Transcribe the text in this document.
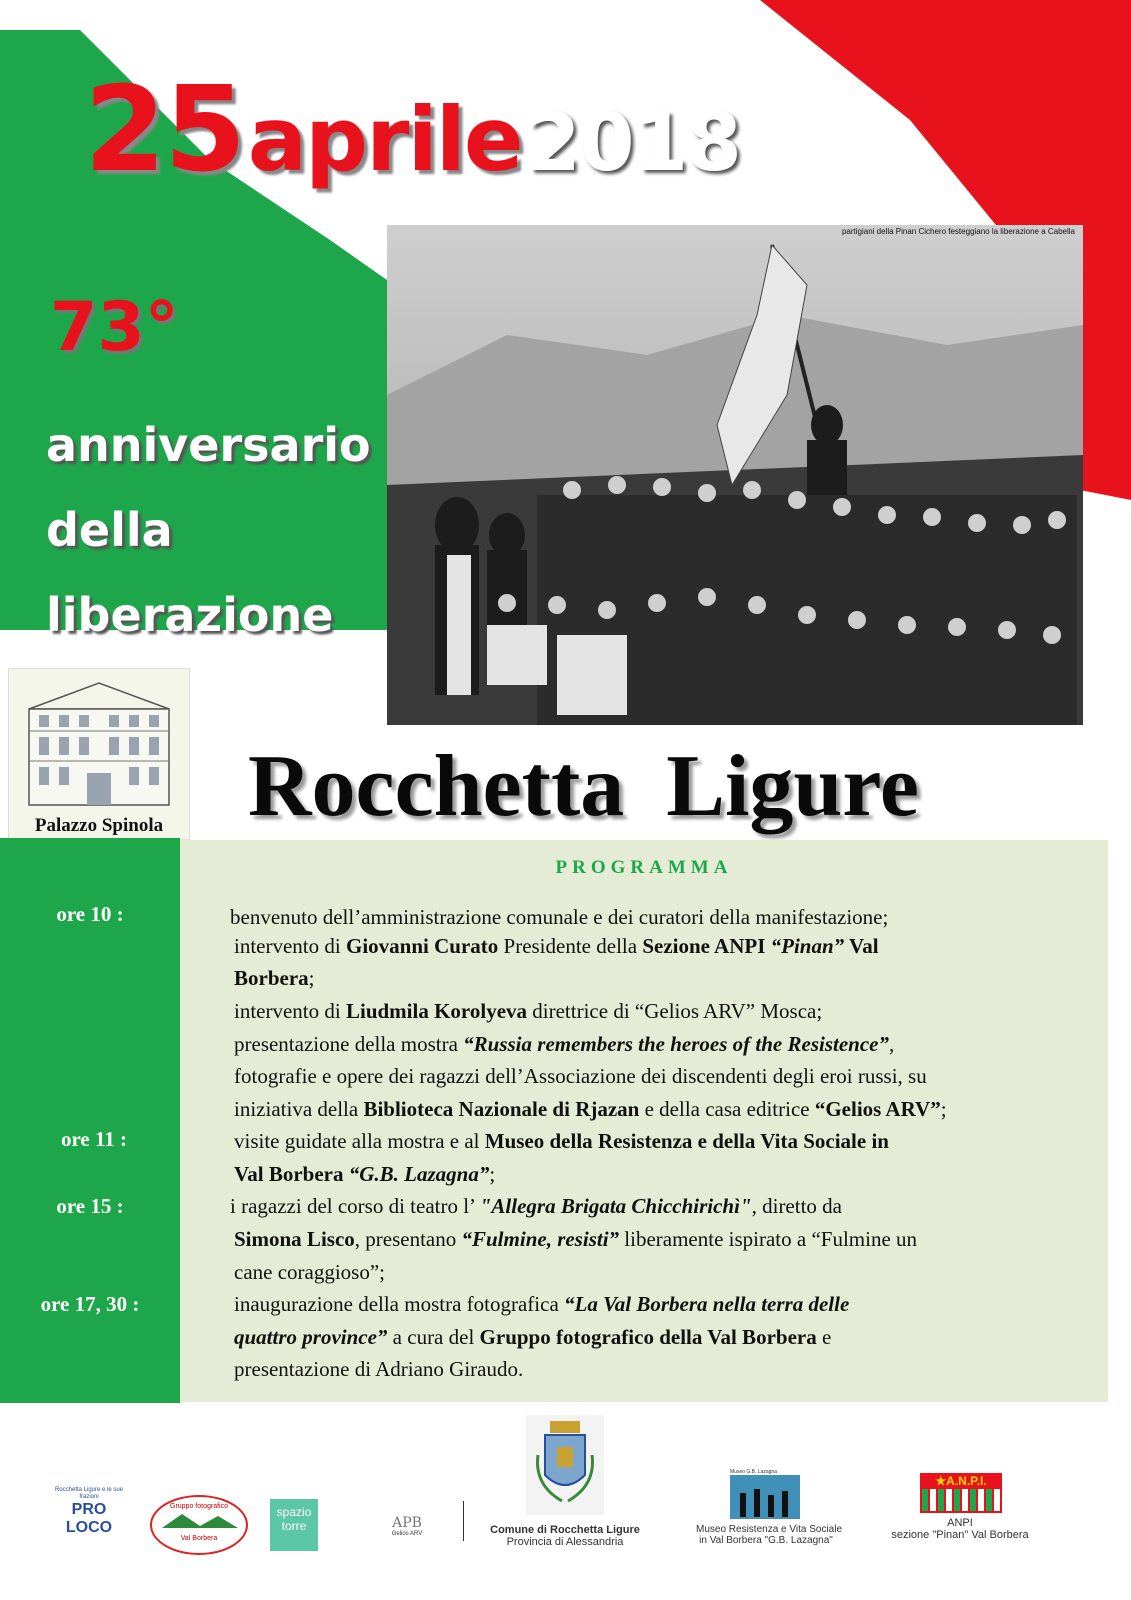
25 aprile 2018
73°
anniversario
della
liberazione
partigiani della Pinan Cichero festeggiano la liberazione a Cabella
Palazzo Spinola Rocchetta Ligure
PROGRAMMA
ore 10 :
ore 11 :
ore 15 :
ore 17, 30 :
benvenuto dell’amministrazione comunale e dei curatori della manifestazione;
intervento di Giovanni Curato Presidente della Sezione ANPI “Pinan” Val
Borbera;
intervento di Liudmila Korolyeva direttrice di “Gelios ARV” Mosca;
presentazione della mostra “Russia remembers the heroes of the Resistence”,
fotografie e opere dei ragazzi dell’Associazione dei discendenti degli eroi russi, su
iniziativa della Biblioteca Nazionale di Rjazan e della casa editrice “Gelios ARV”;
visite guidate alla mostra e al Museo della Resistenza e della Vita Sociale in
Val Borbera “G.B. Lazagna”;
i ragazzi del corso di teatro l’ "Allegra Brigata Chicchirichì", diretto da
Simona Lisco, presentano “Fulmine, resisti” liberamente ispirato a “Fulmine un
cane coraggioso”;
inaugurazione della mostra fotografica “La Val Borbera nella terra delle
quattro province” a cura del Gruppo fotografico della Val Borbera e
presentazione di Adriano Giraudo.
Rocchetta Ligure e le sue frazioni
PRO LOCO
Gruppo fotografico
Val Borbera
spazio torre	APB
Gelios ARV	Comune di Rocchetta Ligure
Provincia di Alessandria
Museo G.B. Lazagna
Museo Resistenza e Vita Sociale
in Val Borbera "G.B. Lazagna"
★A.N.P.I.
ANPI
sezione "Pinan" Val Borbera
